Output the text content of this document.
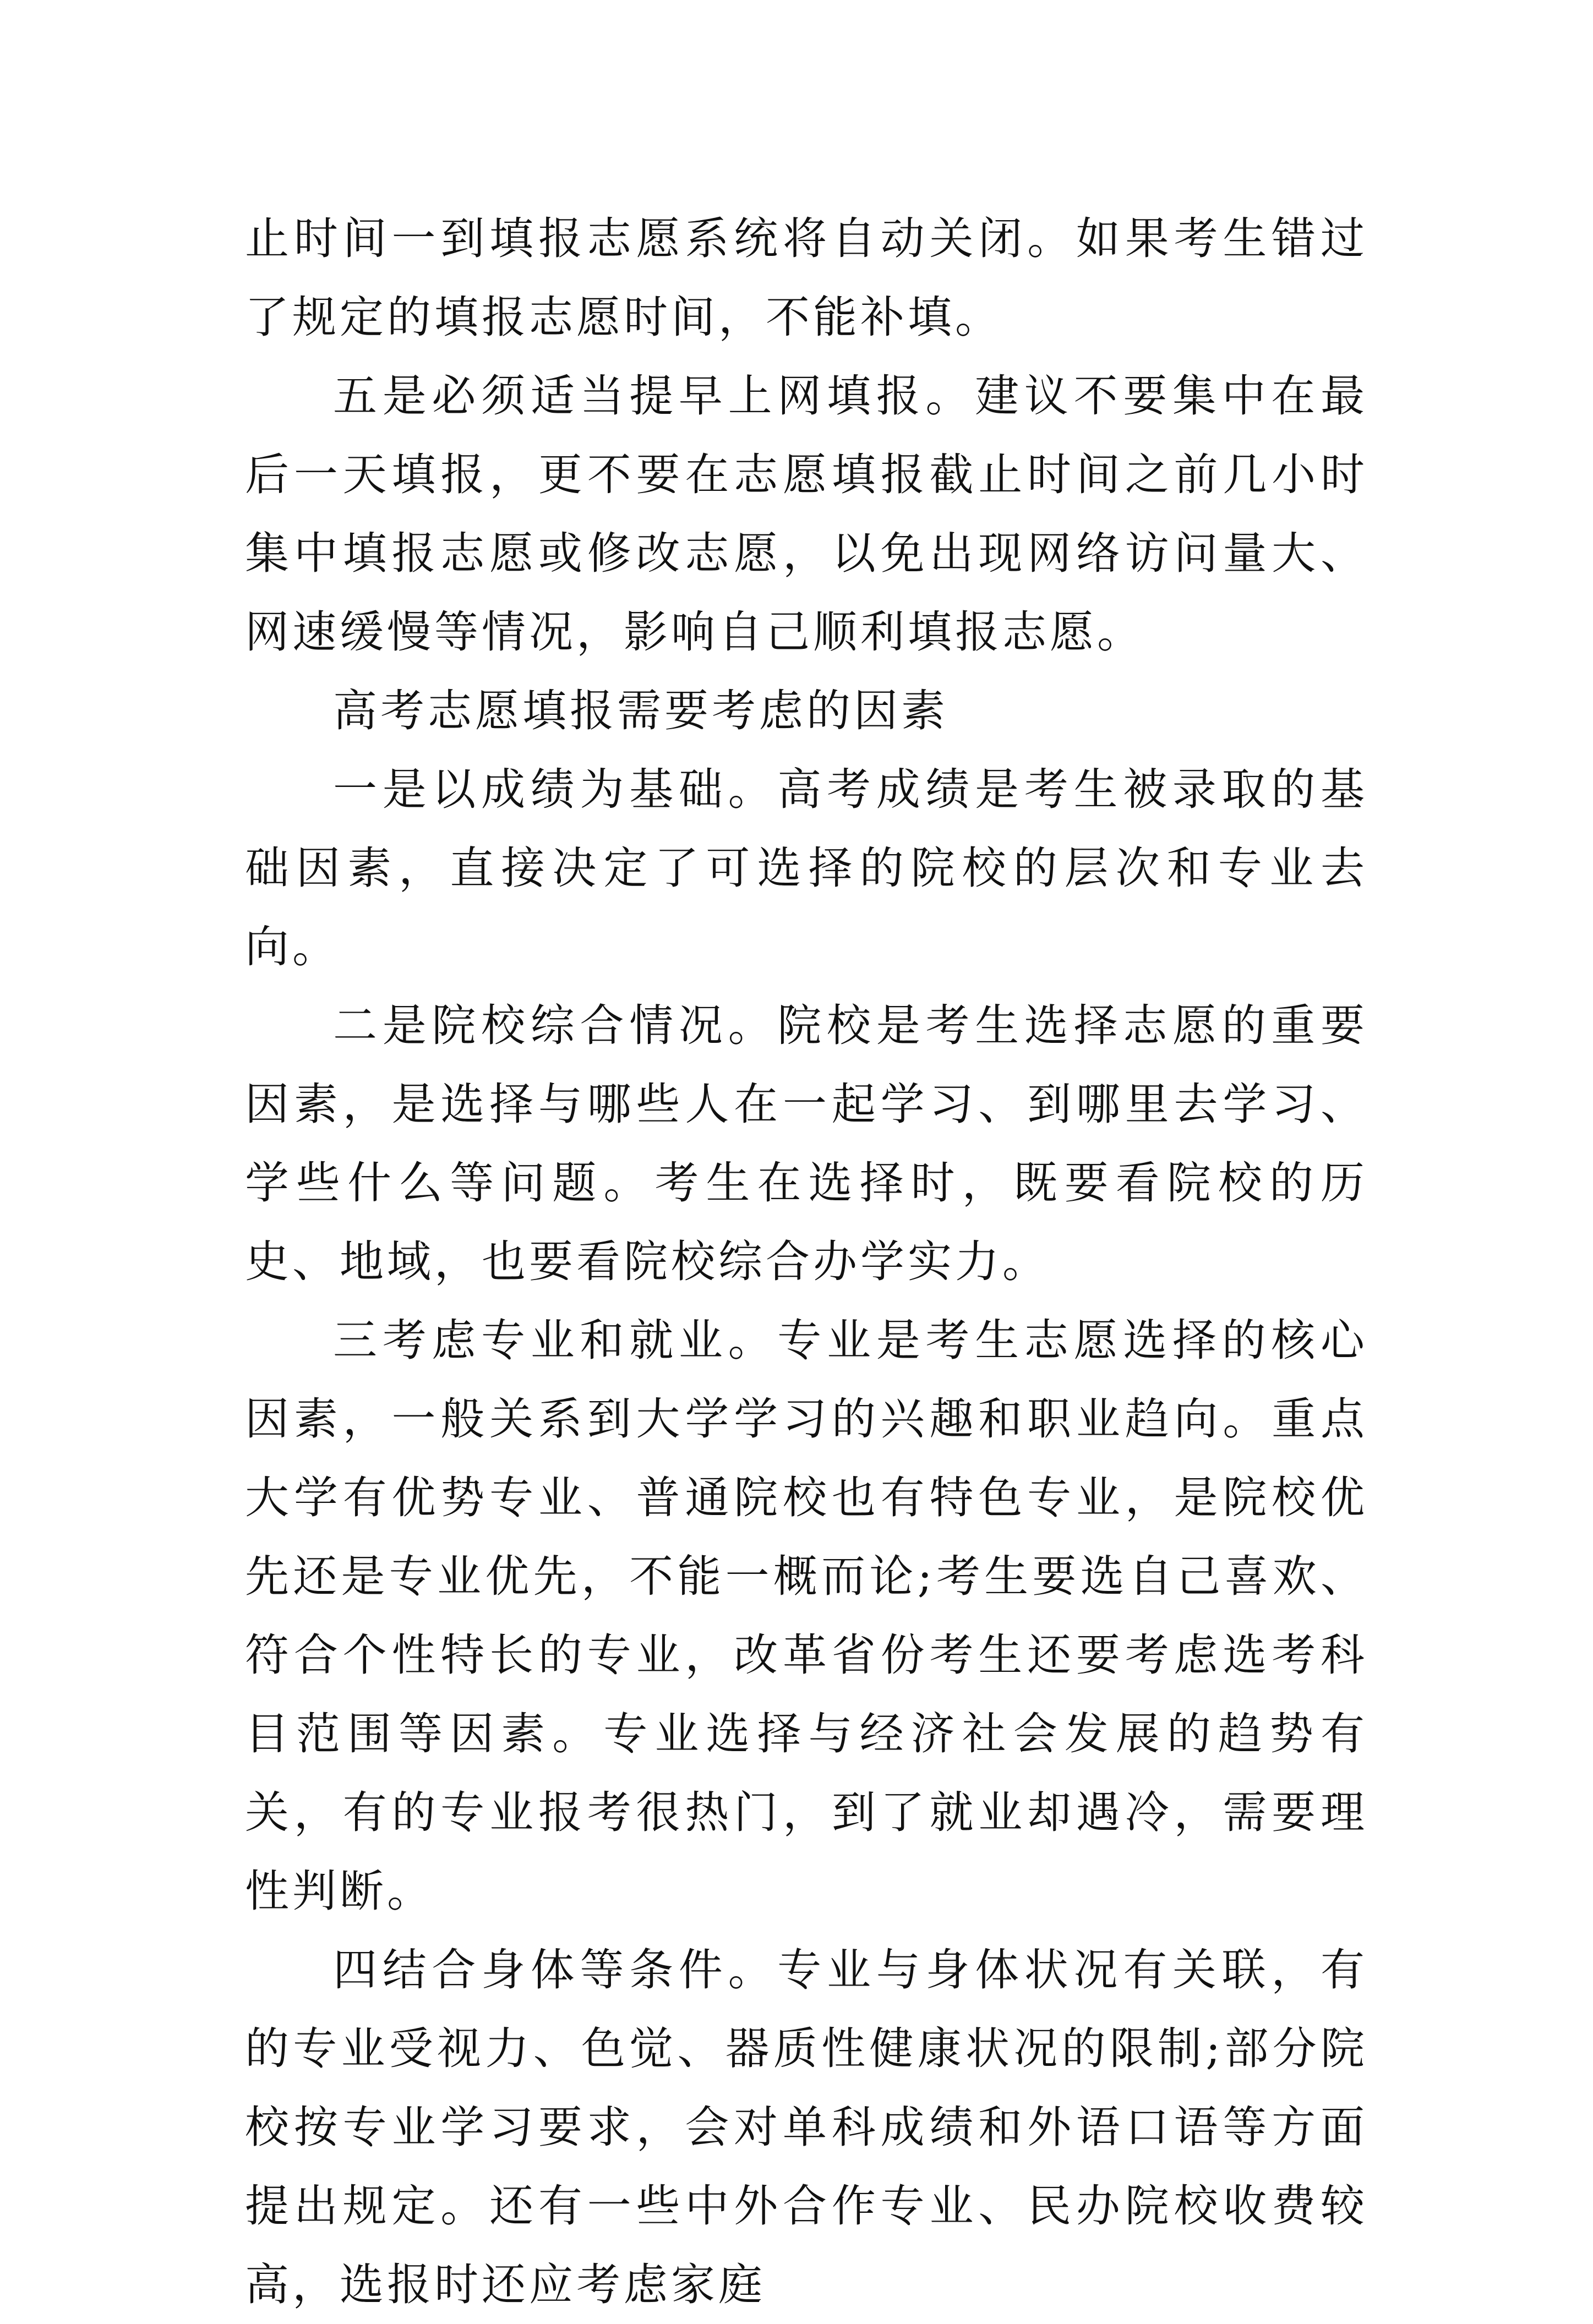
止时间一到填报志愿系统将自动关闭。如果考生错过了规定的填报志愿时间，不能补填。

五是必须适当提早上网填报。建议不要集中在最后一天填报，更不要在志愿填报截止时间之前几小时集中填报志愿或修改志愿，以免出现网络访问量大、网速缓慢等情况，影响自己顺利填报志愿。

高考志愿填报需要考虑的因素

一是以成绩为基础。高考成绩是考生被录取的基础因素，直接决定了可选择的院校的层次和专业去向。

二是院校综合情况。院校是考生选择志愿的重要因素，是选择与哪些人在一起学习、到哪里去学习、学些什么等问题。考生在选择时，既要看院校的历史、地域，也要看院校综合办学实力。

三考虑专业和就业。专业是考生志愿选择的核心因素，一般关系到大学学习的兴趣和职业趋向。重点大学有优势专业、普通院校也有特色专业，是院校优先还是专业优先，不能一概而论;考生要选自己喜欢、符合个性特长的专业，改革省份考生还要考虑选考科目范围等因素。专业选择与经济社会发展的趋势有关，有的专业报考很热门，到了就业却遇冷，需要理性判断。

四结合身体等条件。专业与身体状况有关联，有的专业受视力、色觉、器质性健康状况的限制;部分院校按专业学习要求，会对单科成绩和外语口语等方面提出规定。还有一些中外合作专业、民办院校收费较高，选报时还应考虑家庭
